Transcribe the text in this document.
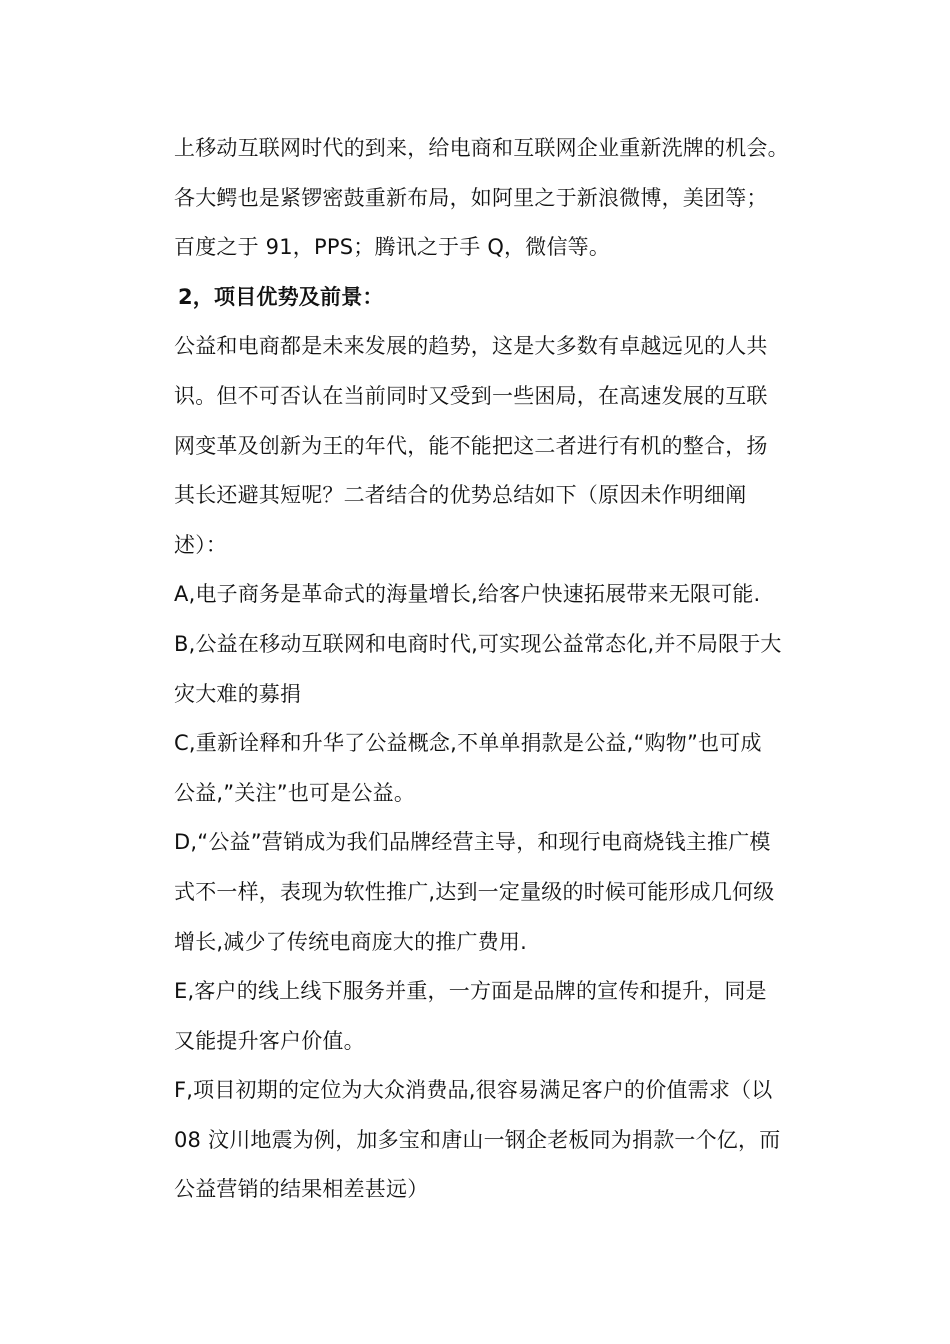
上移动互联网时代的到来，给电商和互联网企业重新洗牌的机会。
各大鳄也是紧锣密鼓重新布局，如阿里之于新浪微博，美团等；
百度之于 91，PPS；腾讯之于手 Q，微信等。
2，项目优势及前景：
公益和电商都是未来发展的趋势，这是大多数有卓越远见的人共
识。但不可否认在当前同时又受到一些困局，在高速发展的互联
网变革及创新为王的年代，能不能把这二者进行有机的整合，扬
其长还避其短呢？二者结合的优势总结如下（原因未作明细阐
述）：
A,电子商务是革命式的海量增长,给客户快速拓展带来无限可能.
B,公益在移动互联网和电商时代,可实现公益常态化,并不局限于大
灾大难的募捐
C,重新诠释和升华了公益概念,不单单捐款是公益,“购物”也可成
公益,”关注”也可是公益。
D,“公益”营销成为我们品牌经营主导，和现行电商烧钱主推广模
式不一样，表现为软性推广,达到一定量级的时候可能形成几何级
增长,减少了传统电商庞大的推广费用.
E,客户的线上线下服务并重，一方面是品牌的宣传和提升，同是
又能提升客户价值。
F,项目初期的定位为大众消费品,很容易满足客户的价值需求（以
08 汶川地震为例，加多宝和唐山一钢企老板同为捐款一个亿，而
公益营销的结果相差甚远）
